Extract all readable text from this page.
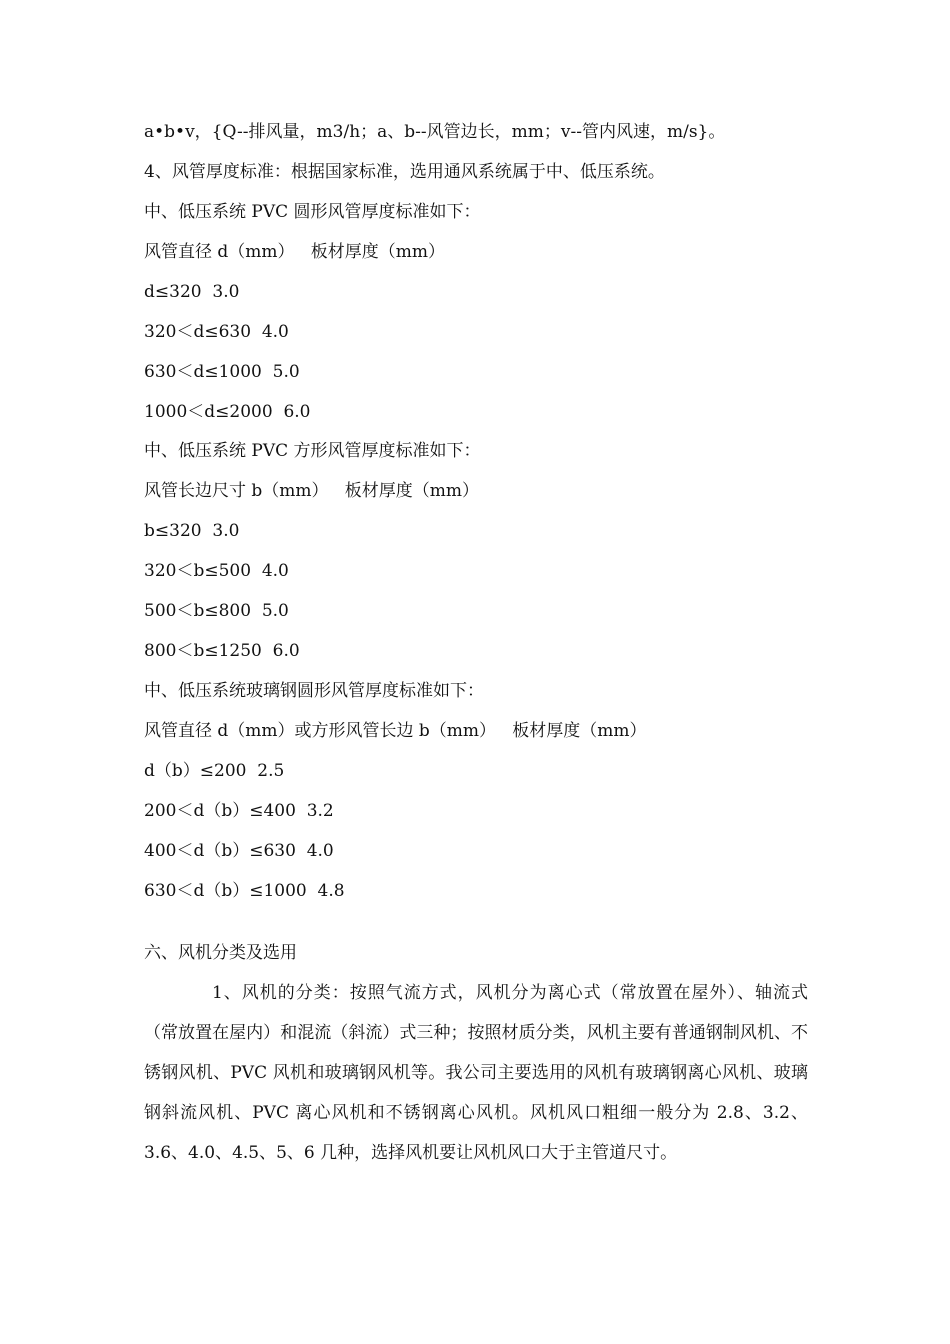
a•b•v，{Q--排风量，m3/h；a、b--风管边长，mm；v--管内风速，m/s}。
4、风管厚度标准：根据国家标准，选用通风系统属于中、低压系统。
中、低压系统 PVC 圆形风管厚度标准如下：
风管直径 d（mm）   板材厚度（mm）
d≤320  3.0
320＜d≤630  4.0
630＜d≤1000  5.0
1000＜d≤2000  6.0
中、低压系统 PVC 方形风管厚度标准如下：
风管长边尺寸 b（mm）   板材厚度（mm）
b≤320  3.0
320＜b≤500  4.0
500＜b≤800  5.0
800＜b≤1250  6.0
中、低压系统玻璃钢圆形风管厚度标准如下：
风管直径 d（mm）或方形风管长边 b（mm）   板材厚度（mm）
d（b）≤200  2.5
200＜d（b）≤400  3.2
400＜d（b）≤630  4.0
630＜d（b）≤1000  4.8
六、风机分类及选用
1、风机的分类：按照气流方式，风机分为离心式（常放置在屋外）、轴流式（常放置在屋内）和混流（斜流）式三种；按照材质分类，风机主要有普通钢制风机、不锈钢风机、PVC 风机和玻璃钢风机等。我公司主要选用的风机有玻璃钢离心风机、玻璃钢斜流风机、PVC 离心风机和不锈钢离心风机。风机风口粗细一般分为 2.8、3.2、3.6、4.0、4.5、5、6 几种，选择风机要让风机风口大于主管道尺寸。
